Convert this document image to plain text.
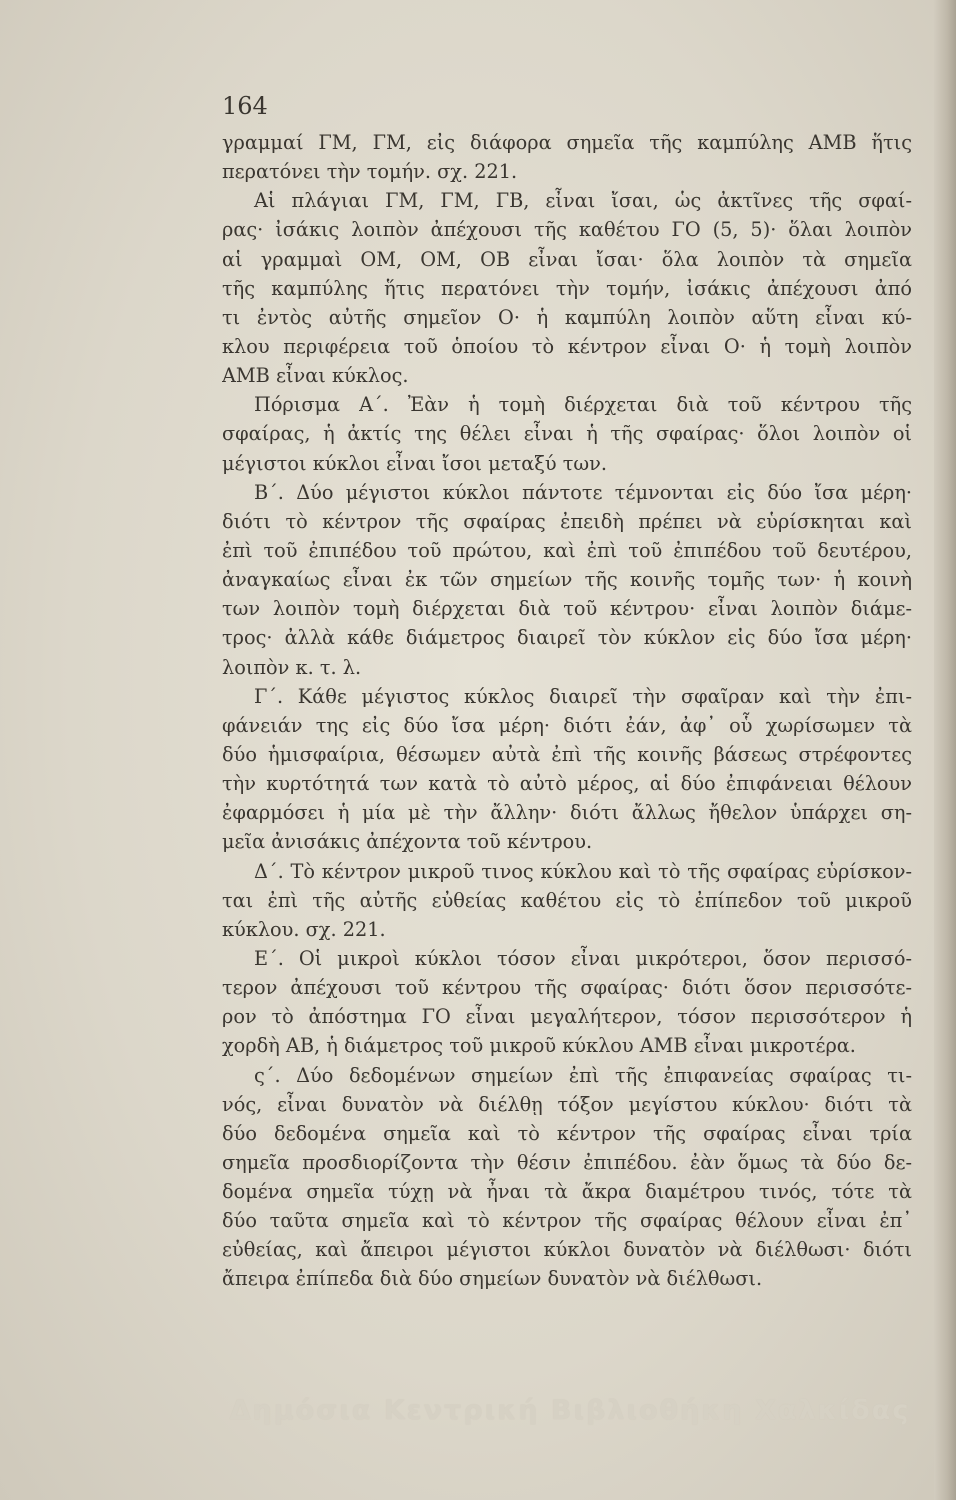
164
γραμμαί ΓΜ, ΓΜ, εἰς διάφορα σημεῖα τῆς καμπύλης ΑΜΒ ἥτις
περατόνει τὴν τομήν. σχ. 221.
Αἱ πλάγιαι ΓΜ, ΓΜ, ΓΒ, εἶναι ἴσαι, ὡς ἀκτῖνες τῆς σφαί-
ρας· ἰσάκις λοιπὸν ἀπέχουσι τῆς καθέτου ΓΟ (5, 5)· ὅλαι λοιπὸν
αἱ γραμμαὶ ΟΜ, ΟΜ, ΟΒ εἶναι ἴσαι· ὅλα λοιπὸν τὰ σημεῖα
τῆς καμπύλης ἥτις περατόνει τὴν τομήν, ἰσάκις ἀπέχουσι ἀπό
τι ἐντὸς αὐτῆς σημεῖον Ο· ἡ καμπύλη λοιπὸν αὕτη εἶναι κύ-
κλου περιφέρεια τοῦ ὁποίου τὸ κέντρον εἶναι Ο· ἡ τομὴ λοιπὸν
ΑΜΒ εἶναι κύκλος.
Πόρισμα Α΄. Ἐὰν ἡ τομὴ διέρχεται διὰ τοῦ κέντρου τῆς
σφαίρας, ἡ ἀκτίς της θέλει εἶναι ἡ τῆς σφαίρας· ὅλοι λοιπὸν οἱ
μέγιστοι κύκλοι εἶναι ἴσοι μεταξύ των.
Β΄. Δύο μέγιστοι κύκλοι πάντοτε τέμνονται εἰς δύο ἴσα μέρη·
διότι τὸ κέντρον τῆς σφαίρας ἐπειδὴ πρέπει νὰ εὑρίσκηται καὶ
ἐπὶ τοῦ ἐπιπέδου τοῦ πρώτου, καὶ ἐπὶ τοῦ ἐπιπέδου τοῦ δευτέρου,
ἀναγκαίως εἶναι ἐκ τῶν σημείων τῆς κοινῆς τομῆς των· ἡ κοινὴ
των λοιπὸν τομὴ διέρχεται διὰ τοῦ κέντρου· εἶναι λοιπὸν διάμε-
τρος· ἀλλὰ κάθε διάμετρος διαιρεῖ τὸν κύκλον εἰς δύο ἴσα μέρη·
λοιπὸν κ. τ. λ.
Γ΄. Κάθε μέγιστος κύκλος διαιρεῖ τὴν σφαῖραν καὶ τὴν ἐπι-
φάνειάν της εἰς δύο ἴσα μέρη· διότι ἐάν, ἀφ᾽ οὗ χωρίσωμεν τὰ
δύο ἡμισφαίρια, θέσωμεν αὐτὰ ἐπὶ τῆς κοινῆς βάσεως στρέφοντες
τὴν κυρτότητά των κατὰ τὸ αὐτὸ μέρος, αἱ δύο ἐπιφάνειαι θέλουν
ἐφαρμόσει ἡ μία μὲ τὴν ἄλλην· διότι ἄλλως ἤθελον ὑπάρχει ση-
μεῖα ἀνισάκις ἀπέχοντα τοῦ κέντρου.
Δ΄. Τὸ κέντρον μικροῦ τινος κύκλου καὶ τὸ τῆς σφαίρας εὑρίσκον-
ται ἐπὶ τῆς αὐτῆς εὐθείας καθέτου εἰς τὸ ἐπίπεδον τοῦ μικροῦ
κύκλου. σχ. 221.
Ε΄. Οἱ μικροὶ κύκλοι τόσον εἶναι μικρότεροι, ὅσον περισσό-
τερον ἀπέχουσι τοῦ κέντρου τῆς σφαίρας· διότι ὅσον περισσότε-
ρον τὸ ἀπόστημα ΓΟ εἶναι μεγαλήτερον, τόσον περισσότερον ἡ
χορδὴ ΑΒ, ἡ διάμετρος τοῦ μικροῦ κύκλου ΑΜΒ εἶναι μικροτέρα.
ς΄. Δύο δεδομένων σημείων ἐπὶ τῆς ἐπιφανείας σφαίρας τι-
νός, εἶναι δυνατὸν νὰ διέλθῃ τόξον μεγίστου κύκλου· διότι τὰ
δύο δεδομένα σημεῖα καὶ τὸ κέντρον τῆς σφαίρας εἶναι τρία
σημεῖα προσδιορίζοντα τὴν θέσιν ἐπιπέδου. ἐὰν ὅμως τὰ δύο δε-
δομένα σημεῖα τύχῃ νὰ ἦναι τὰ ἄκρα διαμέτρου τινός, τότε τὰ
δύο ταῦτα σημεῖα καὶ τὸ κέντρον τῆς σφαίρας θέλουν εἶναι ἐπ᾽
εὐθείας, καὶ ἄπειροι μέγιστοι κύκλοι δυνατὸν νὰ διέλθωσι· διότι
ἄπειρα ἐπίπεδα διὰ δύο σημείων δυνατὸν νὰ διέλθωσι.
Δημόσια Κεντρική Βιβλιοθήκη Χαλκίδας
